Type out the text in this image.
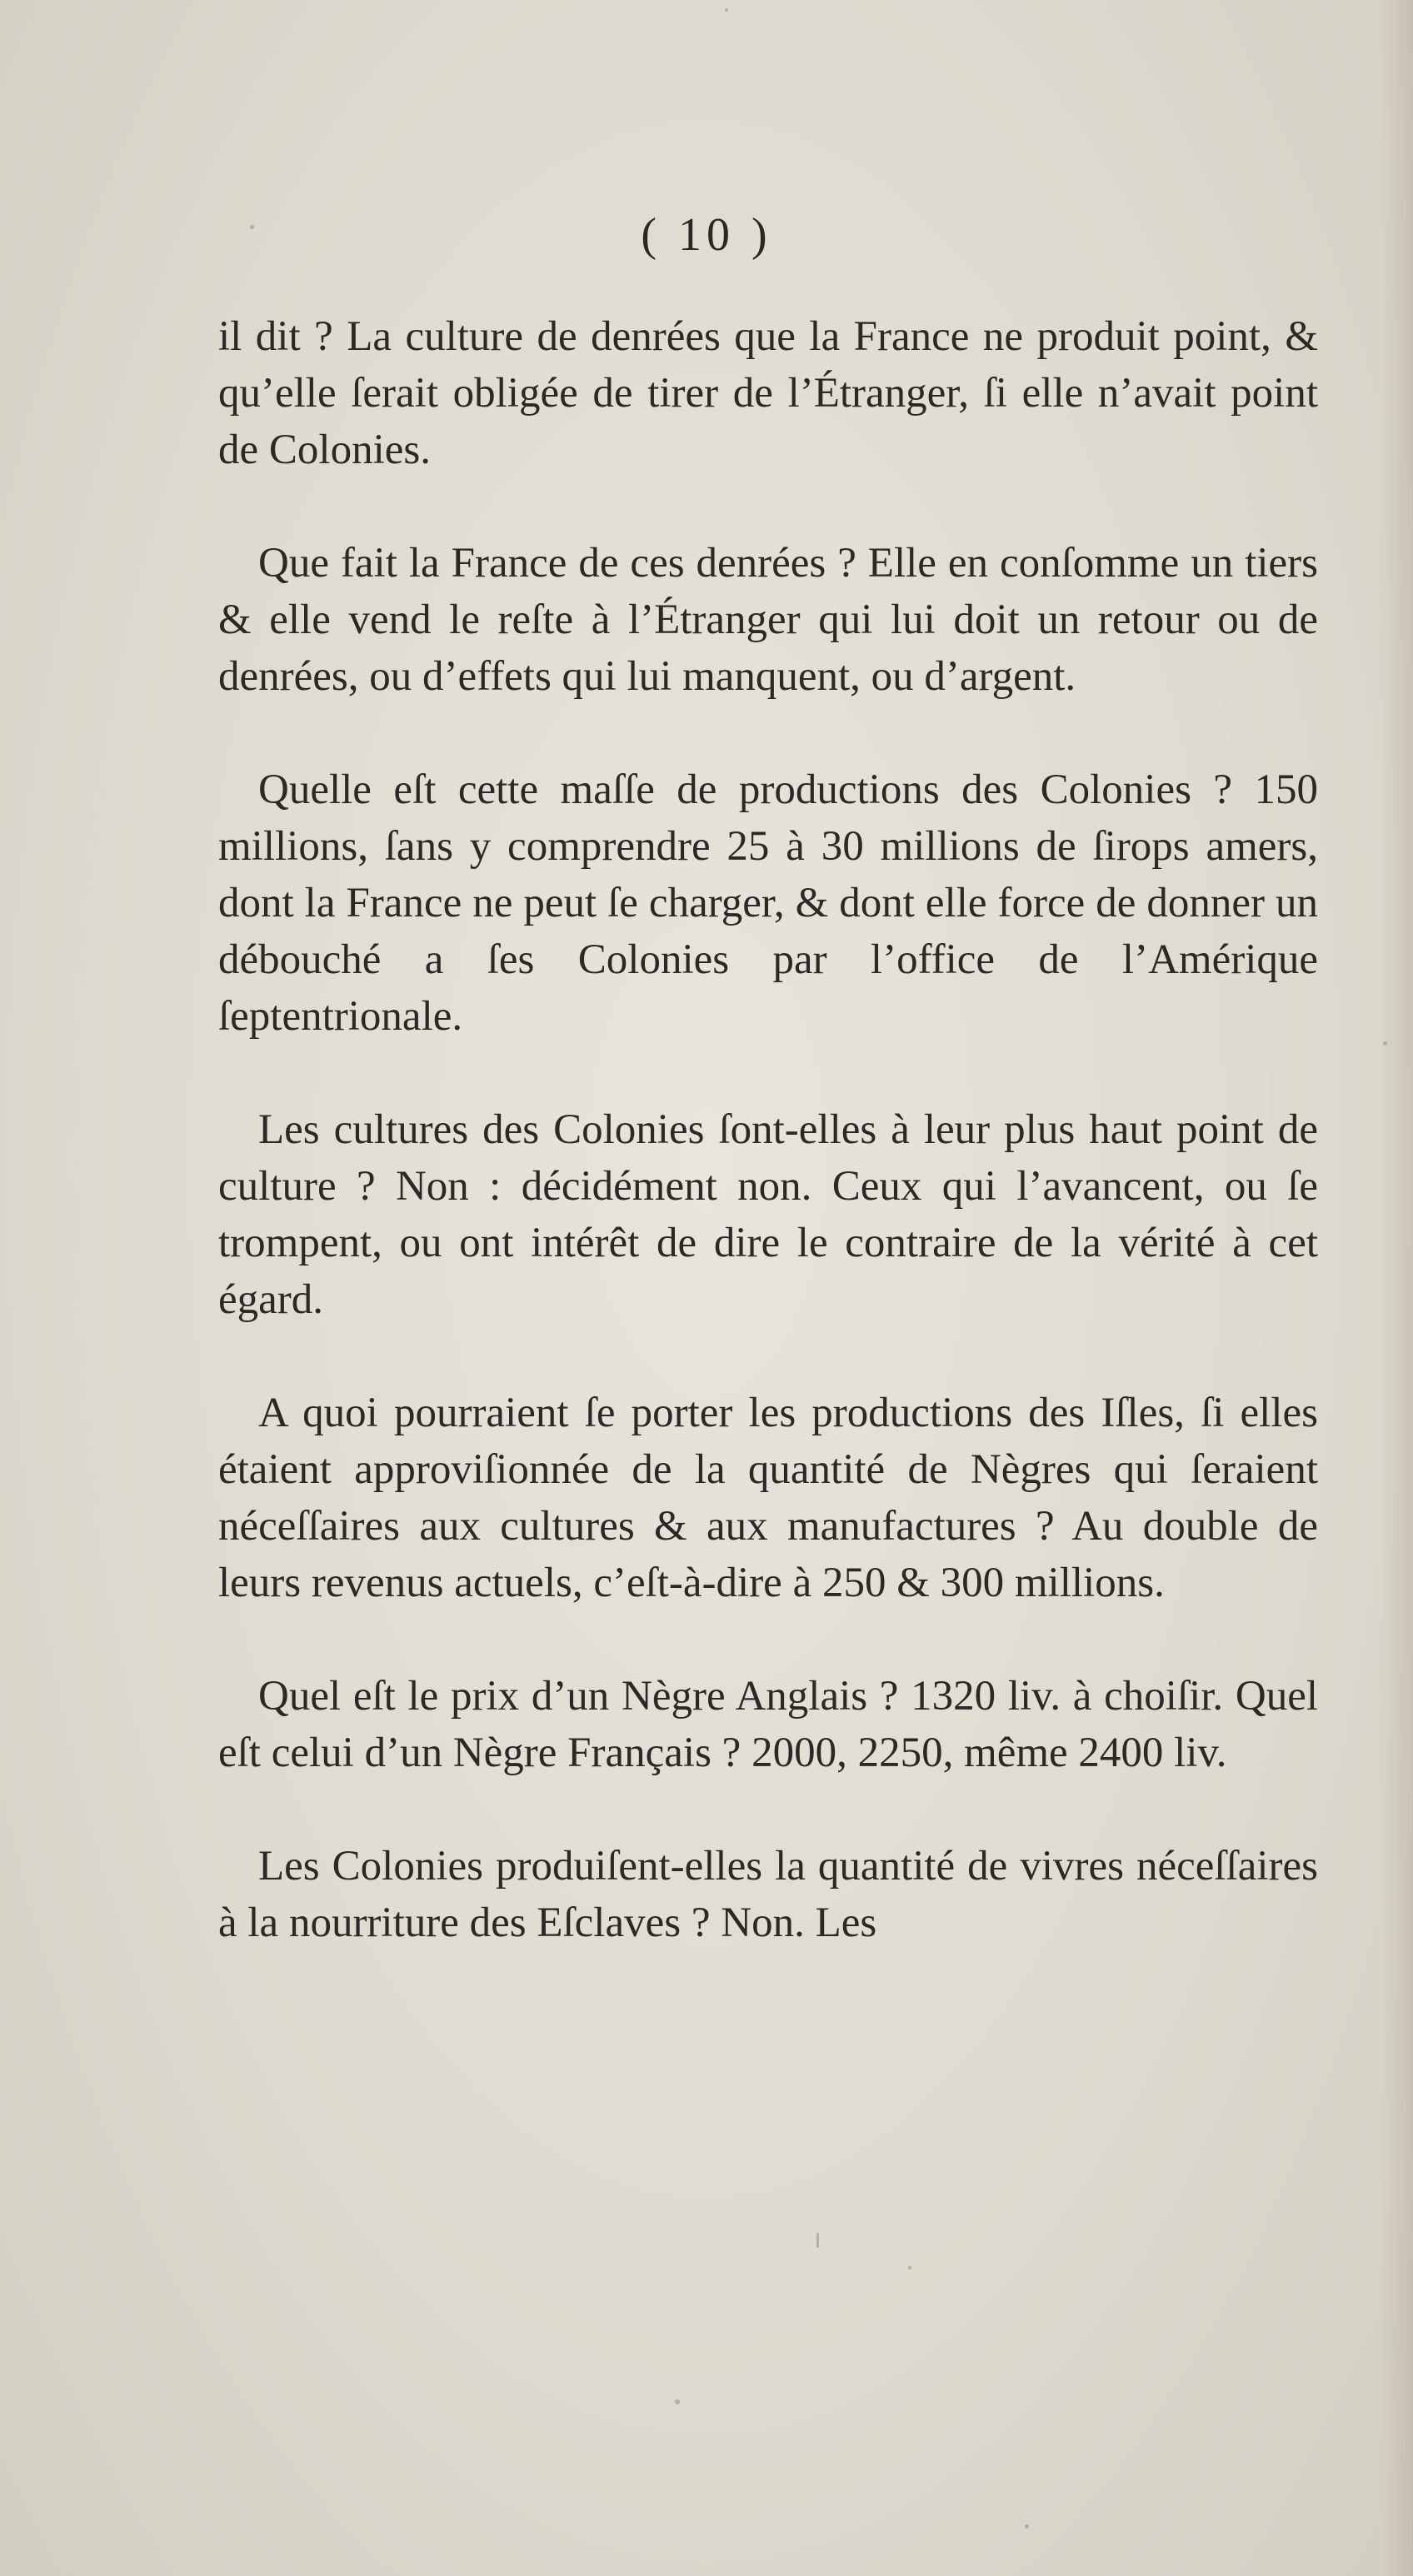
( 10 )

il dit ? La culture de denrées que la France ne produit point, & qu’elle ſerait obligée de tirer de l’Étranger, ſi elle n’avait point de Colonies.

Que fait la France de ces denrées ? Elle en conſomme un tiers & elle vend le reſte à l’Étranger qui lui doit un retour ou de denrées, ou d’effets qui lui manquent, ou d’argent.

Quelle eſt cette maſſe de productions des Colonies ? 150 millions, ſans y comprendre 25 à 30 millions de ſirops amers, dont la France ne peut ſe charger, & dont elle force de donner un débouché a ſes Colonies par l’office de l’Amérique ſeptentrionale.

Les cultures des Colonies ſont-elles à leur plus haut point de culture ? Non : décidément non. Ceux qui l’avancent, ou ſe trompent, ou ont intérêt de dire le contraire de la vérité à cet égard.

A quoi pourraient ſe porter les productions des Iſles, ſi elles étaient approviſionnée de la quantité de Nègres qui ſeraient néceſſaires aux cultures & aux manufactures ? Au double de leurs revenus actuels, c’eſt-à-dire à 250 & 300 millions.

Quel eſt le prix d’un Nègre Anglais ? 1320 liv. à choiſir. Quel eſt celui d’un Nègre Français ? 2000, 2250, même 2400 liv.

Les Colonies produiſent-elles la quantité de vivres néceſſaires à la nourriture des Eſclaves ? Non. Les
